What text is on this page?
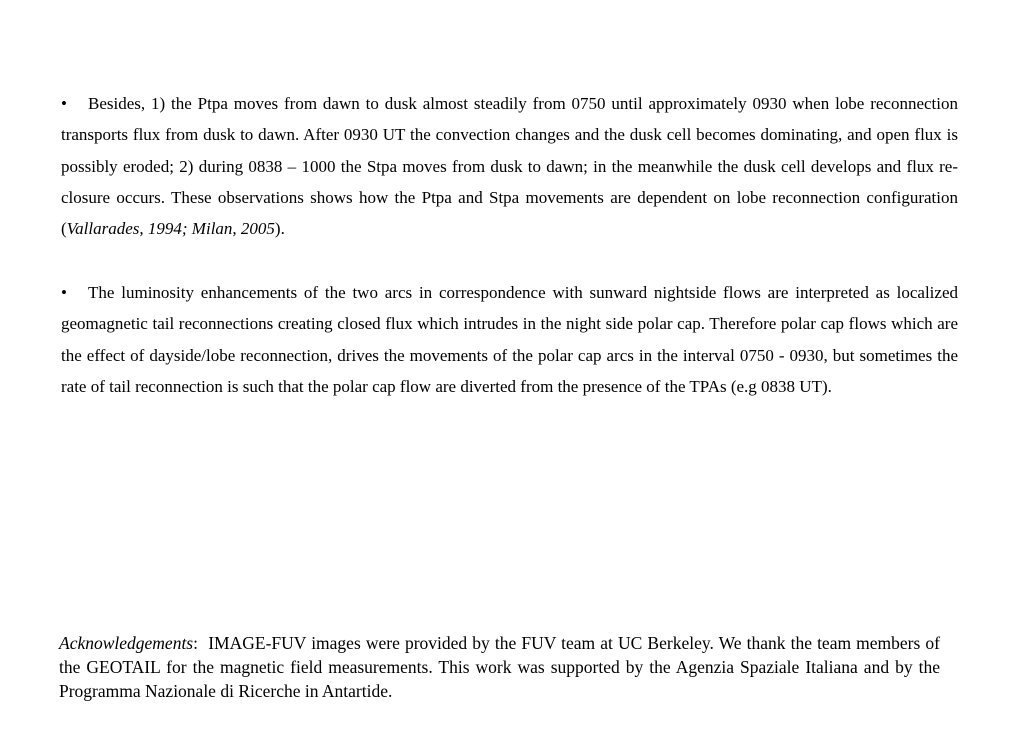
• Besides, 1) the Ptpa moves from dawn to dusk almost steadily from 0750 until approximately 0930 when lobe reconnection transports flux from dusk to dawn. After 0930 UT the convection changes and the dusk cell becomes dominating, and open flux is possibly eroded; 2) during 0838 – 1000 the Stpa moves from dusk to dawn; in the meanwhile the dusk cell develops and flux re-closure occurs. These observations shows how the Ptpa and Stpa movements are dependent on lobe reconnection configuration (Vallarades, 1994; Milan, 2005).

• The luminosity enhancements of the two arcs in correspondence with sunward nightside flows are interpreted as localized geomagnetic tail reconnections creating closed flux which intrudes in the night side polar cap. Therefore polar cap flows which are the effect of dayside/lobe reconnection, drives the movements of the polar cap arcs in the interval 0750 - 0930, but sometimes the rate of tail reconnection is such that the polar cap flow are diverted from the presence of the TPAs (e.g 0838 UT).

Acknowledgements: IMAGE-FUV images were provided by the FUV team at UC Berkeley. We thank the team members of the GEOTAIL for the magnetic field measurements. This work was supported by the Agenzia Spaziale Italiana and by the Programma Nazionale di Ricerche in Antartide.
